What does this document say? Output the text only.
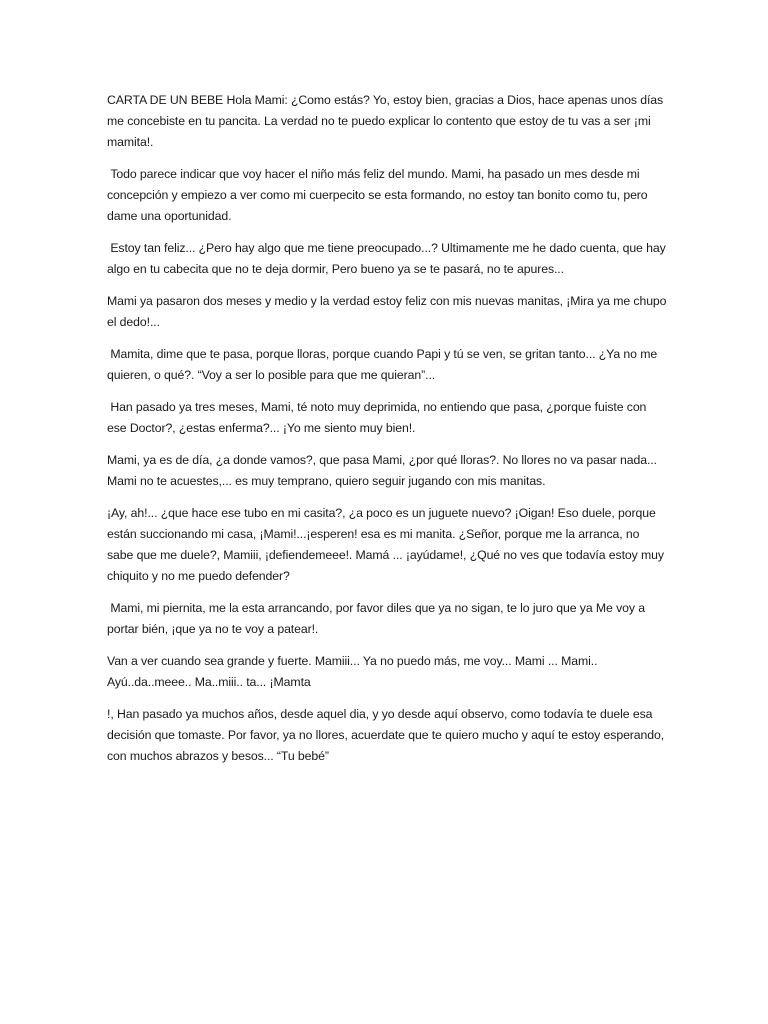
CARTA DE UN BEBE Hola Mami: ¿Como estás? Yo, estoy bien, gracias a Dios, hace apenas unos días me concebiste en tu pancita. La verdad no te puedo explicar lo contento que estoy de tu vas a ser ¡mi mamita!.

Todo parece indicar que voy hacer el niño más feliz del mundo. Mami, ha pasado un mes desde mi concepción y empiezo a ver como mi cuerpecito se esta formando, no estoy tan bonito como tu, pero dame una oportunidad.

Estoy tan feliz... ¿Pero hay algo que me tiene preocupado...? Ultimamente me he dado cuenta, que hay algo en tu cabecita que no te deja dormir, Pero bueno ya se te pasará, no te apures...

Mami ya pasaron dos meses y medio y la verdad estoy feliz con mis nuevas manitas, ¡Mira ya me chupo el dedo!...

Mamita, dime que te pasa, porque lloras, porque cuando Papi y tú se ven, se gritan tanto... ¿Ya no me quieren, o qué?. “Voy a ser lo posible para que me quieran”...

Han pasado ya tres meses, Mami, té noto muy deprimida, no entiendo que pasa, ¿porque fuiste con ese Doctor?, ¿estas enferma?... ¡Yo me siento muy bien!.

Mami, ya es de día, ¿a donde vamos?, que pasa Mami, ¿por qué lloras?. No llores no va pasar nada... Mami no te acuestes,... es muy temprano, quiero seguir jugando con mis manitas.

¡Ay, ah!... ¿que hace ese tubo en mi casita?, ¿a poco es un juguete nuevo? ¡Oigan! Eso duele, porque están succionando mi casa, ¡Mami!...¡esperen! esa es mi manita. ¿Señor, porque me la arranca, no sabe que me duele?, Mamiii, ¡defiendemeee!. Mamá ... ¡ayúdame!, ¿Qué no ves que todavía estoy muy chiquito y no me puedo defender?

Mami, mi piernita, me la esta arrancando, por favor diles que ya no sigan, te lo juro que ya Me voy a portar bién, ¡que ya no te voy a patear!.

Van a ver cuando sea grande y fuerte. Mamiii... Ya no puedo más, me voy... Mami ... Mami.. Ayú..da..meee.. Ma..miii.. ta... ¡Mamta

!, Han pasado ya muchos años, desde aquel dia, y yo desde aquí observo, como todavía te duele esa decisión que tomaste. Por favor, ya no llores, acuerdate que te quiero mucho y aquí te estoy esperando, con muchos abrazos y besos... “Tu bebé”
